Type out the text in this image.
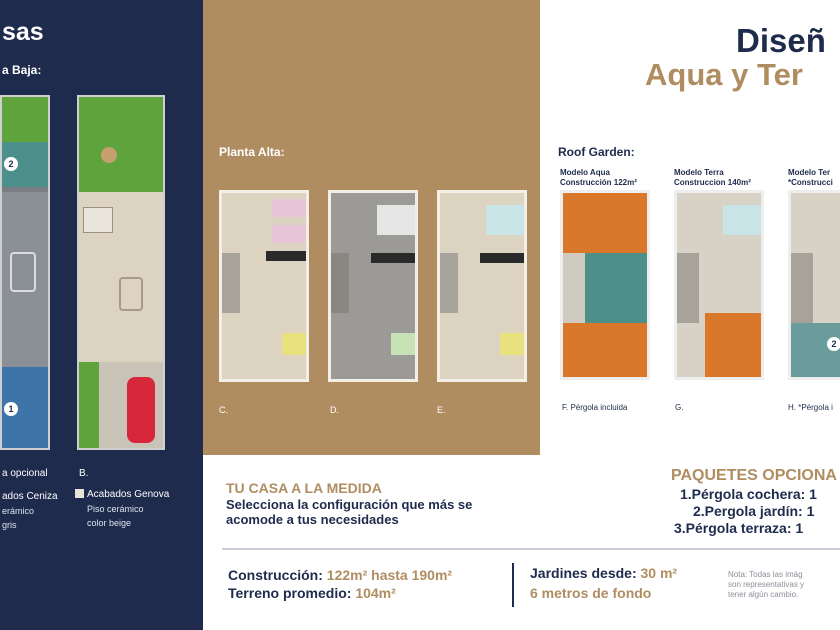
sas
a Baja:
2
1
a opcional	B.
ados Ceniza
erámico
gris
Acabados Genova
Piso cerámico
color beige
Planta Alta:
C.	D.	E.
Diseñ
Aqua y Ter
Roof Garden:
Modelo Aqua
Construcción 122m²
Modelo Terra
Construccion 140m²
Modelo Ter
*Construcci
2
F. Pérgola incluida	G.	H. *Pérgola i
TU CASA A LA MEDIDA
Selecciona la configuración que más se acomode a tus necesidades
PAQUETES OPCIONA
1.Pérgola cochera: 1
2.Pergola jardín: 1
3.Pérgola terraza: 1
Construcción: 122m² hasta 190m²
Terreno promedio: 104m²
Jardines desde: 30 m²
6 metros de fondo
Nota: Todas las imág
son representativas y
tener algún cambio.
